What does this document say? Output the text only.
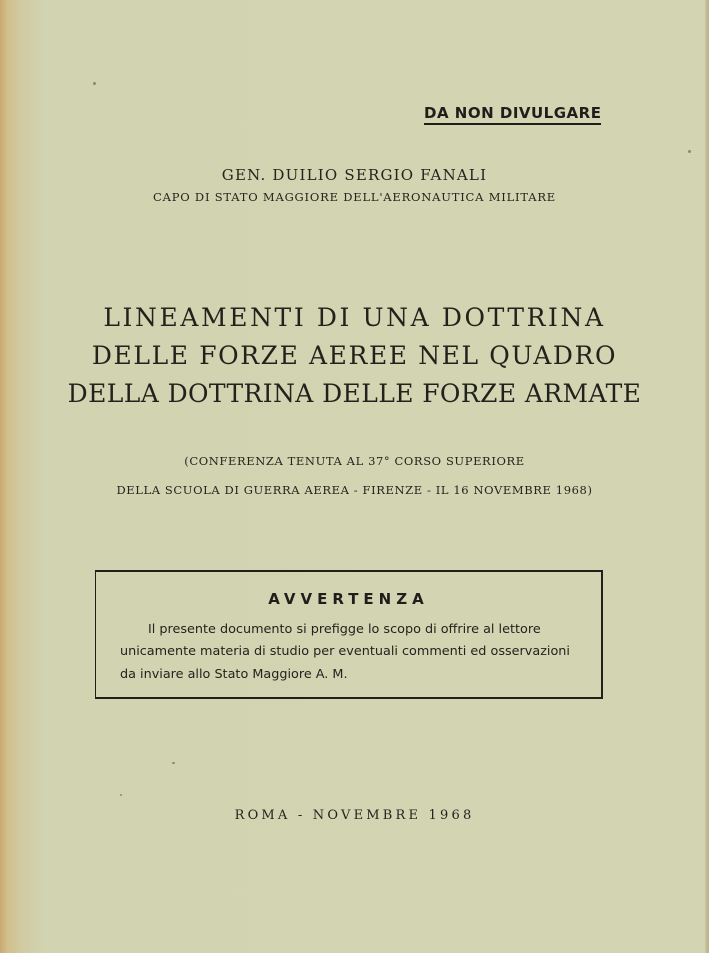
DA NON DIVULGARE
GEN. DUILIO SERGIO FANALI
CAPO DI STATO MAGGIORE DELL'AERONAUTICA MILITARE
LINEAMENTI DI UNA DOTTRINA
DELLE FORZE AEREE NEL QUADRO
DELLA DOTTRINA DELLE FORZE ARMATE
(CONFERENZA TENUTA AL 37° CORSO SUPERIORE
DELLA SCUOLA DI GUERRA AEREA - FIRENZE - IL 16 NOVEMBRE 1968)
AVVERTENZA
Il presente documento si prefigge lo scopo di offrire al lettore
unicamente materia di studio per eventuali commenti ed osservazioni
da inviare allo Stato Maggiore A. M.
ROMA - NOVEMBRE 1968
